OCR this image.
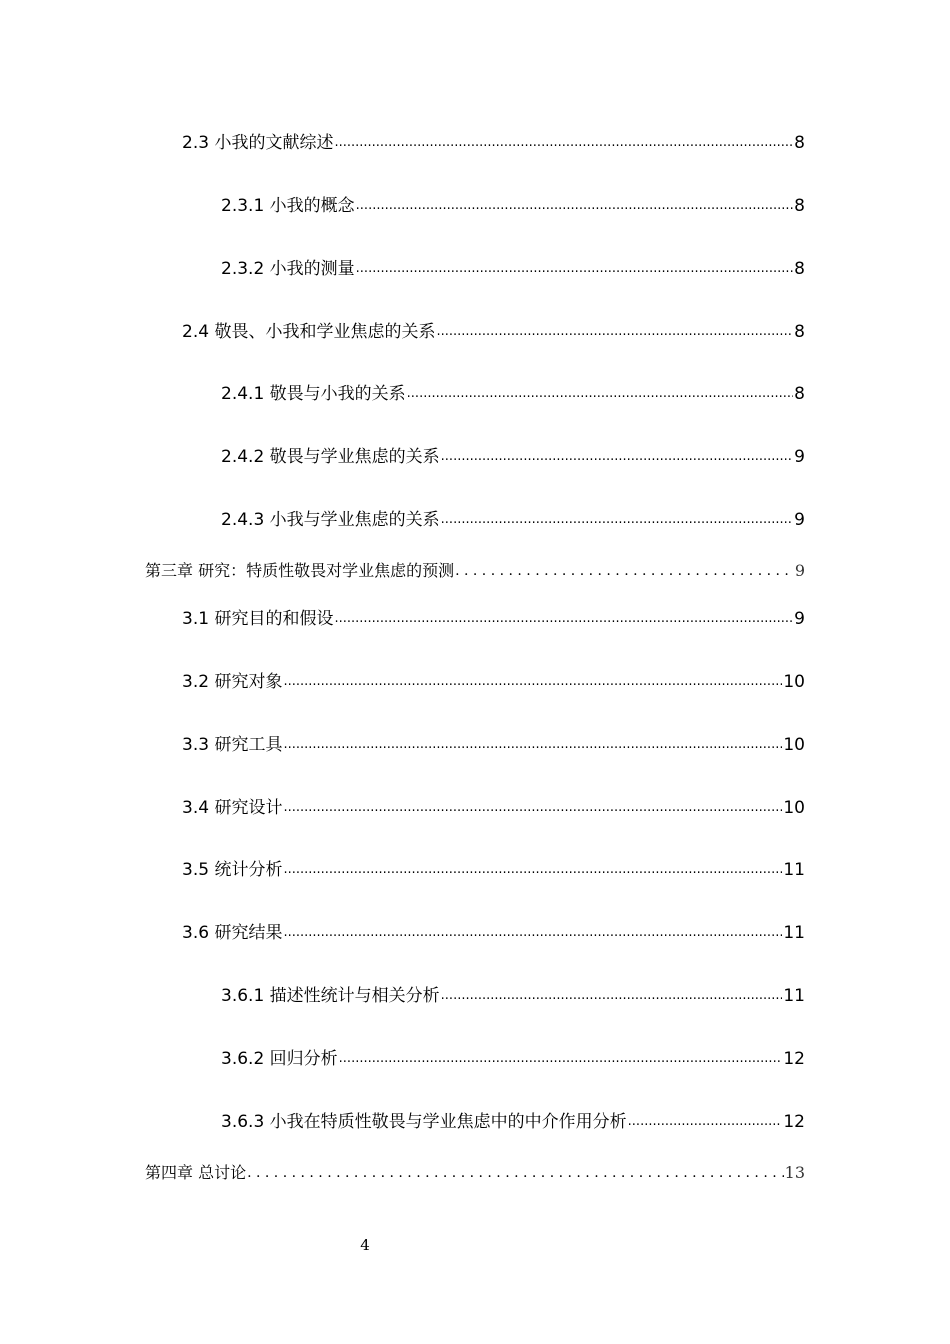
2.3 小我的文献综述 .....	8
2.3.1 小我的概念 .....	8
2.3.2 小我的测量 .....	8
2.4 敬畏、小我和学业焦虑的关系 .....	8
2.4.1 敬畏与小我的关系 .....	8
2.4.2 敬畏与学业焦虑的关系 .....	9
2.4.3 小我与学业焦虑的关系 .....	9
第三章 研究：特质性敬畏对学业焦虑的预测 . . .	9
3.1 研究目的和假设 .....	9
3.2 研究对象 .....	10
3.3 研究工具 .....	10
3.4 研究设计 .....	10
3.5 统计分析 .....	11
3.6 研究结果 .....	11
3.6.1 描述性统计与相关分析 .....	11
3.6.2 回归分析 .....	12
3.6.3 小我在特质性敬畏与学业焦虑中的中介作用分析 .....	12
第四章 总讨论 . . .	13
4
